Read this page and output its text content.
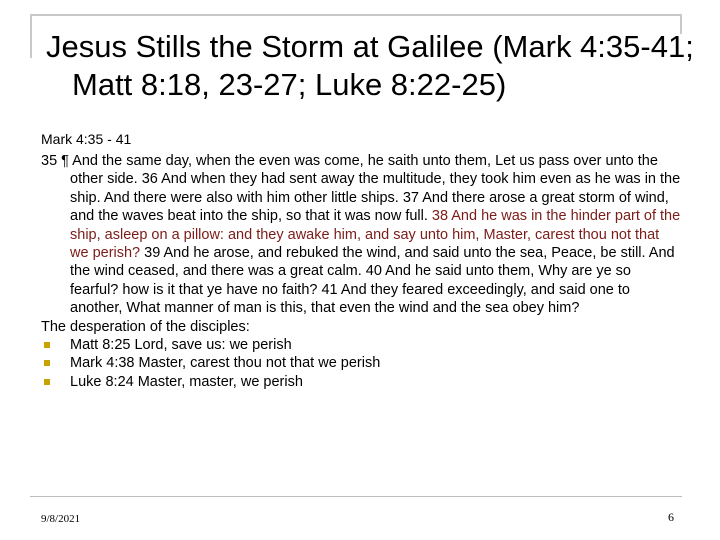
Jesus Stills the Storm at Galilee (Mark 4:35-41; Matt 8:18, 23-27; Luke 8:22-25)
Mark 4:35 - 41

35 ¶ And the same day, when the even was come, he saith unto them, Let us pass over unto the other side. 36 And when they had sent away the multitude, they took him even as he was in the ship. And there were also with him other little ships. 37 And there arose a great storm of wind, and the waves beat into the ship, so that it was now full. 38 And he was in the hinder part of the ship, asleep on a pillow: and they awake him, and say unto him, Master, carest thou not that we perish? 39 And he arose, and rebuked the wind, and said unto the sea, Peace, be still. And the wind ceased, and there was a great calm. 40 And he said unto them, Why are ye so fearful? how is it that ye have no faith? 41 And they feared exceedingly, and said one to another, What manner of man is this, that even the wind and the sea obey him?

The desperation of the disciples:

Matt 8:25 Lord, save us: we perish
Mark 4:38 Master, carest thou not that we perish
Luke 8:24 Master, master, we perish
9/8/2021	6
